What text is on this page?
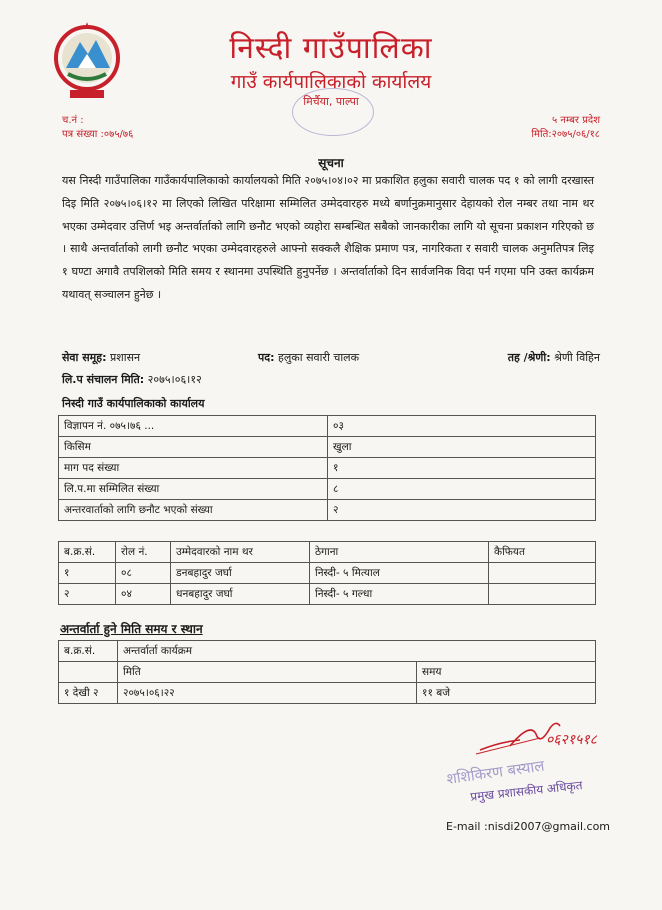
निस्दी गाउँपालिका
गाउँ कार्यपालिकाको कार्यालय
मिर्चैया, पाल्पा
च.नं :
पत्र संख्या :०७५/७६
५ नम्बर प्रदेश
मिति:२०७५/०६/१८
सूचना
यस निस्दी गाउँपालिका गाउँकार्यपालिकाको कार्यालयको मिति २०७५।०४।०२ मा प्रकाशित हलुका सवारी चालक पद १ को लागी दरखास्त दिइ मिति २०७५।०६।१२ मा लिएको लिखित परिक्षामा सम्मिलित उम्मेदवारहरु मध्ये बर्णानुक्रमानुसार देहायको रोल नम्बर तथा नाम थर भएका उम्मेदवार उत्तिर्ण भइ अन्तर्वार्ताको लागि छनौट भएको व्यहोरा सम्बन्धित सबैको जानकारीका लागि यो सूचना प्रकाशन गरिएको छ । साथै अन्तर्वार्ताको लागी छनौट भएका उम्मेदवारहरुले आफ्नो सक्कलै शैक्षिक प्रमाण पत्र, नागरिकता र सवारी चालक अनुमतिपत्र लिइ १ घण्टा अगावै तपशिलको मिति समय र स्थानमा उपस्थिति हुनुपर्नेछ । अन्तर्वार्ताको दिन सार्वजनिक विदा पर्न गएमा पनि उक्त कार्यक्रम यथावत् सञ्चालन हुनेछ ।
सेवा समूह: प्रशासन	पद: हलुका सवारी चालक	तह /श्रेणी: श्रेणी विहिन
लि.प संचालन मिति: २०७५।०६।१२
निस्दी गाउँ कार्यपालिकाको कार्यालय
विज्ञापन नं. ०७५।७६ ...	०३
किसिम	खुला
माग पद संख्या	१
लि.प.मा सम्मिलित संख्या	८
अन्तरवार्ताको लागि छनौट भएको संख्या	२
ब.क्र.सं.	रोल नं.	उम्मेदवारको नाम थर	ठेगाना	कैफियत
१	०८	डनबहादुर जर्घा	निस्दी- ५ मित्याल	
२	०४	धनबहादुर जर्घा	निस्दी- ५ गल्धा	
अन्तर्वार्ता हुने मिति समय र स्थान
ब.क्र.सं.	अन्तर्वार्ता कार्यक्रम	
	मिति	समय
१ देखी २	२०७५।०६।२२	११ बजे
०६२१५१८
शशिकिरण बस्याल
प्रमुख प्रशासकीय अधिकृत
E-mail :nisdi2007@gmail.com
